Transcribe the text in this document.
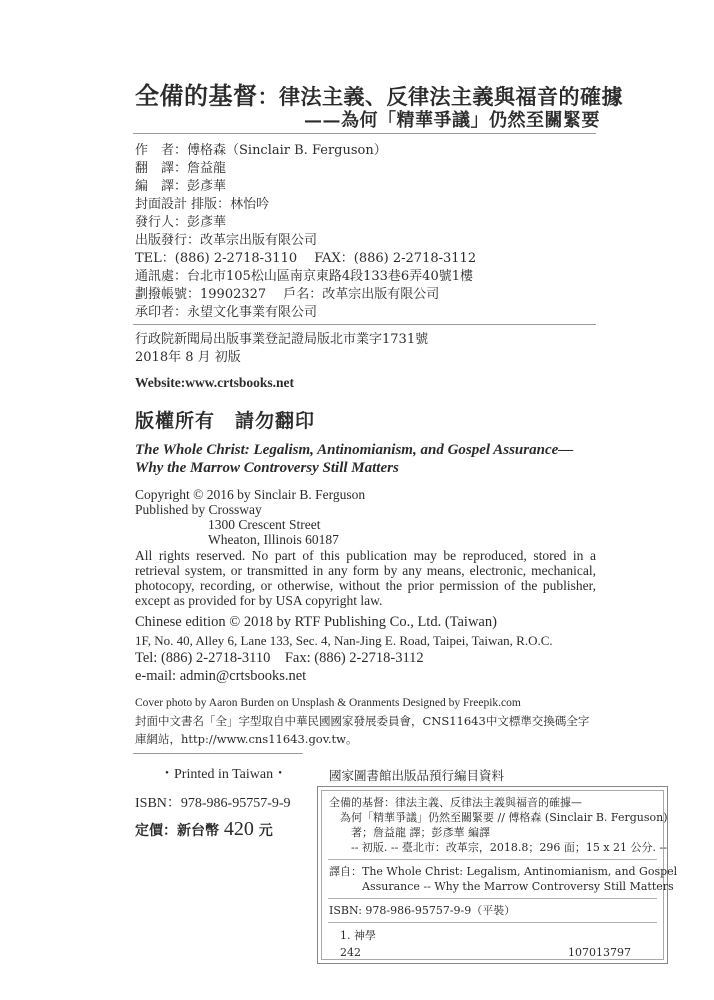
全備的基督：律法主義、反律法主義與福音的確據
——為何「精華爭議」仍然至關緊要
作　者：傅格森（Sinclair B. Ferguson）
翻　譯：詹益龍
編　譯：彭彥華
封面設計 排版：林怡吟
發行人：彭彥華
出版發行：改革宗出版有限公司
TEL：(886) 2-2718-3110　 FAX：(886) 2-2718-3112
通訊處：台北市105松山區南京東路4段133巷6弄40號1樓
劃撥帳號：19902327　 戶名：改革宗出版有限公司
承印者：永望文化事業有限公司
行政院新聞局出版事業登記證局版北市業字1731號
2018年 8 月 初版
Website:www.crtsbooks.net
版權所有　請勿翻印
The Whole Christ: Legalism, Antinomianism, and Gospel Assurance— Why the Marrow Controversy Still Matters
Copyright © 2016 by Sinclair B. Ferguson
Published by Crossway
1300 Crescent Street
Wheaton, Illinois 60187
All rights reserved. No part of this publication may be reproduced, stored in a retrieval system, or transmitted in any form by any means, electronic, mechanical, photocopy, recording, or otherwise, without the prior permission of the publisher, except as provided for by USA copyright law.
Chinese edition © 2018 by RTF Publishing Co., Ltd. (Taiwan)
1F, No. 40, Alley 6, Lane 133, Sec. 4, Nan-Jing E. Road, Taipei, Taiwan, R.O.C.
Tel: (886) 2-2718-3110　Fax: (886) 2-2718-3112
e-mail: admin@crtsbooks.net
Cover photo by Aaron Burden on Unsplash & Oranments Designed by Freepik.com
封面中文書名「全」字型取自中華民國國家發展委員會，CNS11643中文標準交換碼全字
庫網站，http://www.cns11643.gov.tw。
・Printed in Taiwan・
ISBN：978-986-95757-9-9
定價：新台幣 420 元
國家圖書館出版品預行編目資料
全備的基督：律法主義、反律法主義與福音的確據—
　為何「精華爭議」仍然至關緊要 // 傅格森 (Sinclair B. Ferguson)
　　著；詹益龍 譯；彭彥華 編譯
　　-- 初版. -- 臺北市：改革宗，2018.8；296 面；15 x 21 公分. --
譯自：The Whole Christ: Legalism, Antinomianism, and Gospel
　　　Assurance -- Why the Marrow Controversy Still Matters
ISBN: 978-986-95757-9-9（平裝）
1. 神學
242	107013797
